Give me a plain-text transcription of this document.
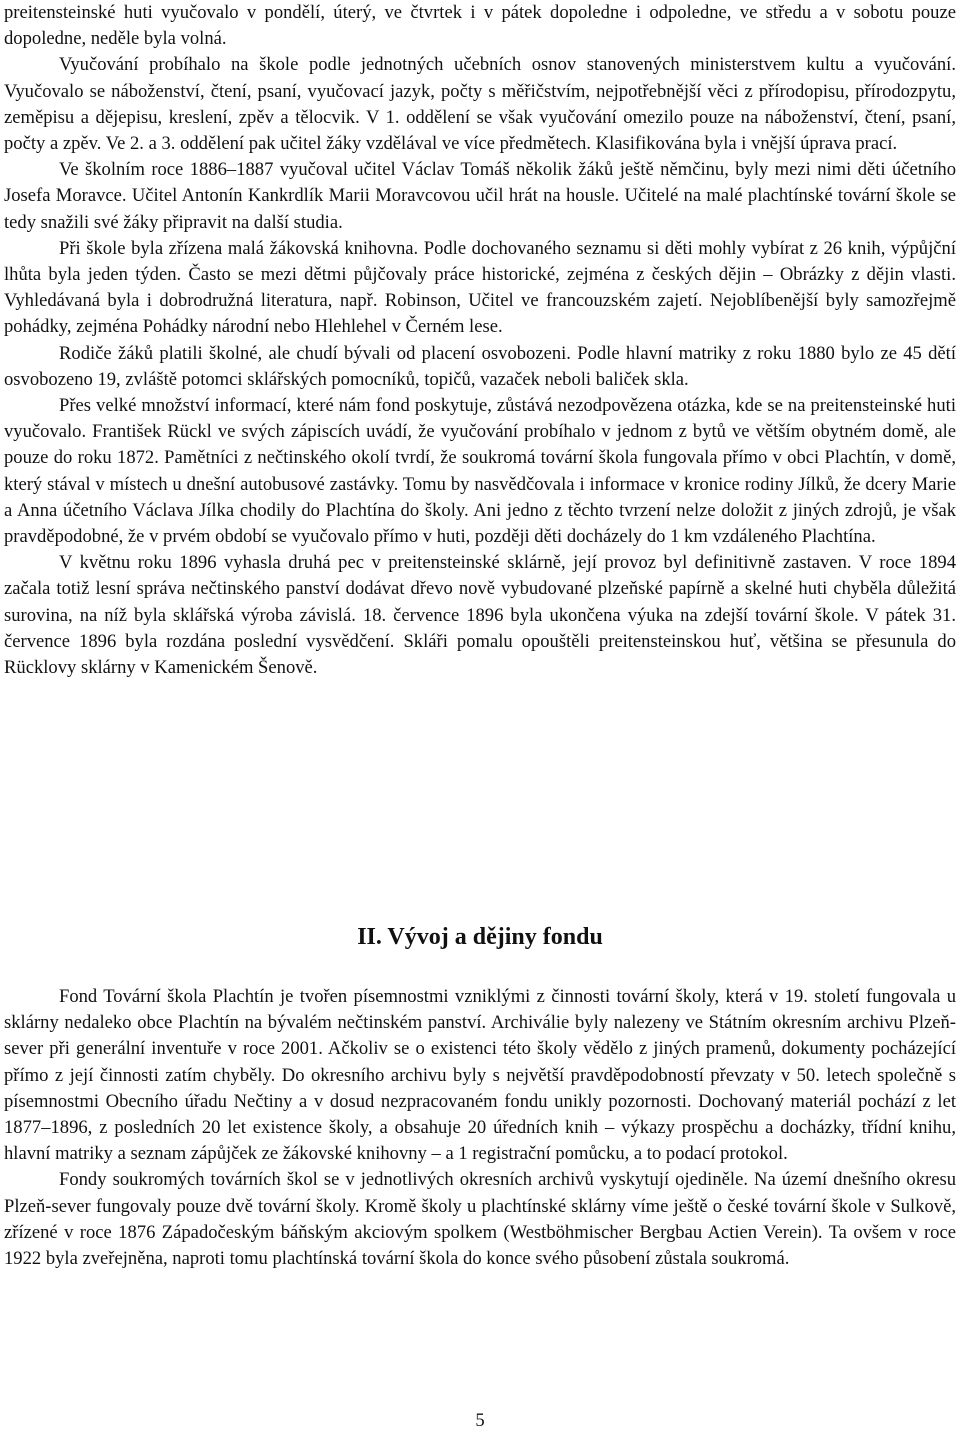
preitensteinské huti vyučovalo v pondělí, úterý, ve čtvrtek i v pátek dopoledne i odpoledne, ve středu a v sobotu pouze dopoledne, neděle byla volná.

Vyučování probíhalo na škole podle jednotných učebních osnov stanovených ministerstvem kultu a vyučování. Vyučovalo se náboženství, čtení, psaní, vyučovací jazyk, počty s měřičstvím, nejpotřebnější věci z přírodopisu, přírodozpytu, zeměpisu a dějepisu, kreslení, zpěv a tělocvik. V 1. oddělení se však vyučování omezilo pouze na náboženství, čtení, psaní, počty a zpěv. Ve 2. a 3. oddělení pak učitel žáky vzdělával ve více předmětech. Klasifikována byla i vnější úprava prací.

Ve školním roce 1886–1887 vyučoval učitel Václav Tomáš několik žáků ještě němčinu, byly mezi nimi děti účetního Josefa Moravce. Učitel Antonín Kankrdlík Marii Moravcovou učil hrát na housle. Učitelé na malé plachtínské tovární škole se tedy snažili své žáky připravit na další studia.

Při škole byla zřízena malá žákovská knihovna. Podle dochovaného seznamu si děti mohly vybírat z 26 knih, výpůjční lhůta byla jeden týden. Často se mezi dětmi půjčovaly práce historické, zejména z českých dějin – Obrázky z dějin vlasti. Vyhledávaná byla i dobrodružná literatura, např. Robinson, Učitel ve francouzském zajetí. Nejoblíbenější byly samozřejmě pohádky, zejména Pohádky národní nebo Hlehlehel v Černém lese.

Rodiče žáků platili školné, ale chudí bývali od placení osvobozeni. Podle hlavní matriky z roku 1880 bylo ze 45 dětí osvobozeno 19, zvláště potomci sklářských pomocníků, topičů, vazaček neboli baliček skla.

Přes velké množství informací, které nám fond poskytuje, zůstává nezodpovězena otázka, kde se na preitensteinské huti vyučovalo. František Rückl ve svých zápiscích uvádí, že vyučování probíhalo v jednom z bytů ve větším obytném domě, ale pouze do roku 1872. Pamětníci z nečtinského okolí tvrdí, že soukromá tovární škola fungovala přímo v obci Plachtín, v domě, který stával v místech u dnešní autobusové zastávky. Tomu by nasvědčovala i informace v kronice rodiny Jílků, že dcery Marie a Anna účetního Václava Jílka chodily do Plachtína do školy. Ani jedno z těchto tvrzení nelze doložit z jiných zdrojů, je však pravděpodobné, že v prvém období se vyučovalo přímo v huti, později děti docházely do 1 km vzdáleného Plachtína.

V květnu roku 1896 vyhasla druhá pec v preitensteinské sklárně, její provoz byl definitivně zastaven. V roce 1894 začala totiž lesní správa nečtinského panství dodávat dřevo nově vybudované plzeňské papírně a skelné huti chyběla důležitá surovina, na níž byla sklářská výroba závislá. 18. července 1896 byla ukončena výuka na zdejší tovární škole. V pátek 31. července 1896 byla rozdána poslední vysvědčení. Skláři pomalu opouštěli preitensteinskou huť, většina se přesunula do Rücklovy sklárny v Kamenickém Šenově.

II. Vývoj a dějiny fondu

Fond Tovární škola Plachtín je tvořen písemnostmi vzniklými z činnosti tovární školy, která v 19. století fungovala u sklárny nedaleko obce Plachtín na bývalém nečtinském panství. Archiválie byly nalezeny ve Státním okresním archivu Plzeň-sever při generální inventuře v roce 2001. Ačkoliv se o existenci této školy vědělo z jiných pramenů, dokumenty pocházející přímo z její činnosti zatím chyběly. Do okresního archivu byly s největší pravděpodobností převzaty v 50. letech společně s písemnostmi Obecního úřadu Nečtiny a v dosud nezpracovaném fondu unikly pozornosti. Dochovaný materiál pochází z let 1877–1896, z posledních 20 let existence školy, a obsahuje 20 úředních knih – výkazy prospěchu a docházky, třídní knihu, hlavní matriky a seznam zápůjček ze žákovské knihovny – a 1 registrační pomůcku, a to podací protokol.

Fondy soukromých továrních škol se v jednotlivých okresních archivů vyskytují ojediněle. Na území dnešního okresu Plzeň-sever fungovaly pouze dvě tovární školy. Kromě školy u plachtínské sklárny víme ještě o české tovární škole v Sulkově, zřízené v roce 1876 Západočeským báňským akciovým spolkem (Westböhmischer Bergbau Actien Verein). Ta ovšem v roce 1922 byla zveřejněna, naproti tomu plachtínská tovární škola do konce svého působení zůstala soukromá.

5
